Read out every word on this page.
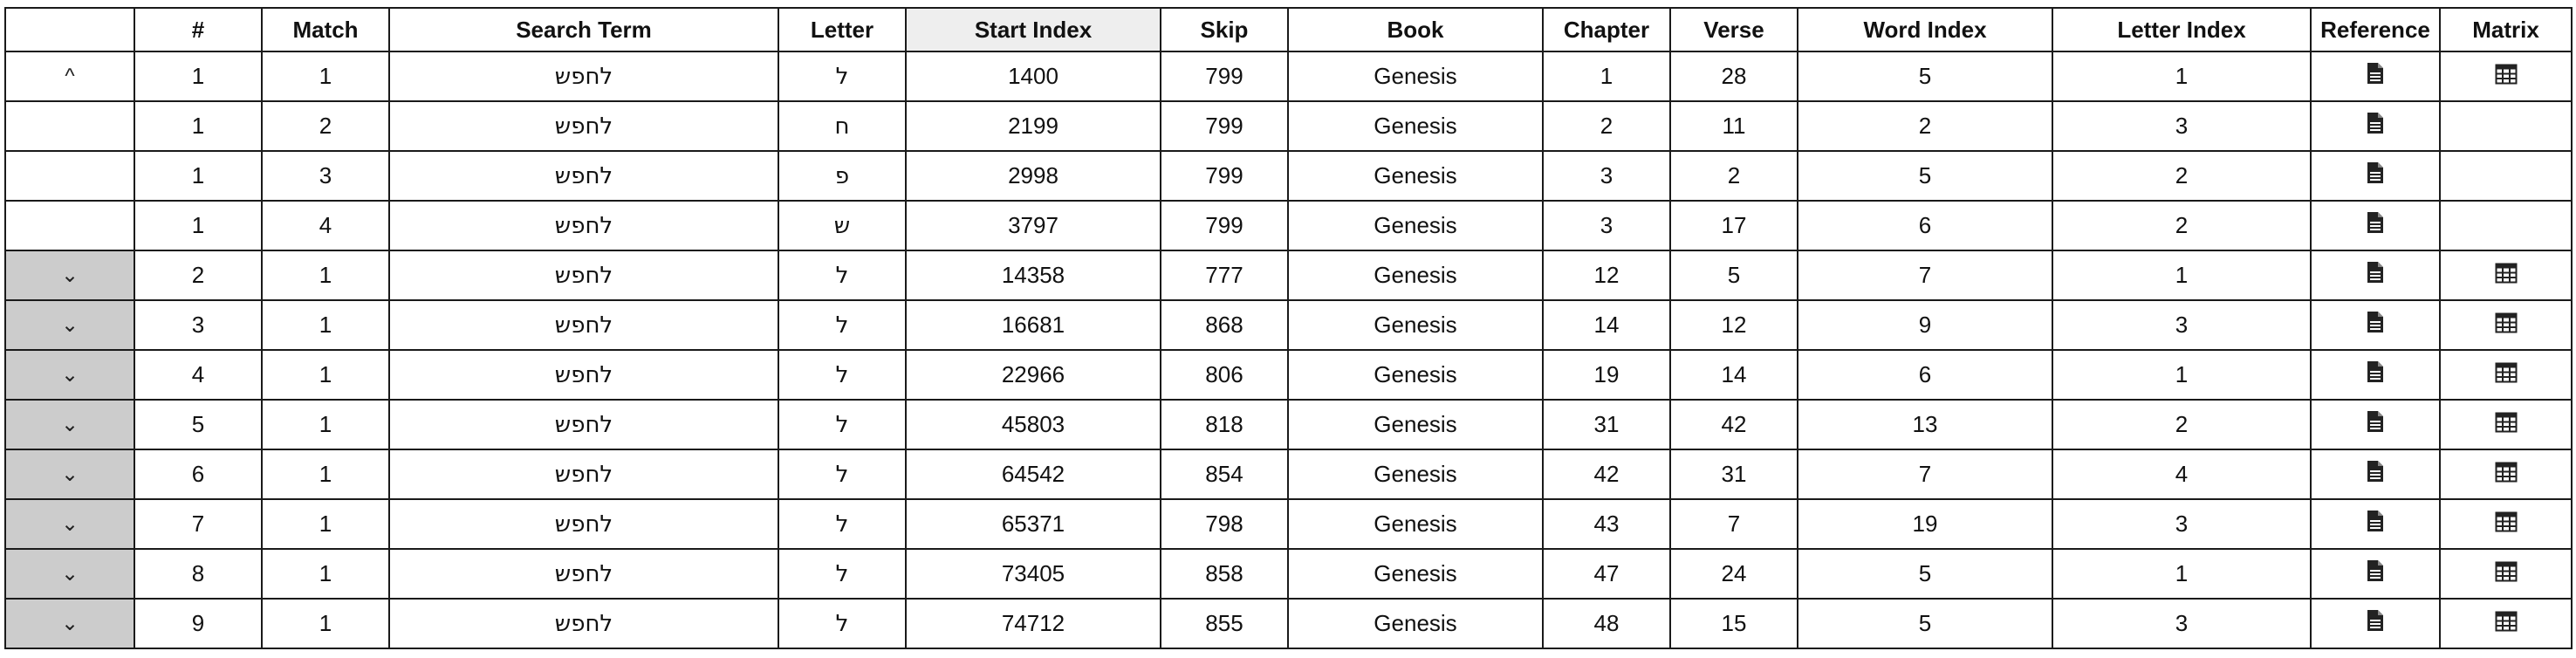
	#	Match	Search Term	Letter	Start Index	Skip	Book	Chapter	Verse	Word Index	Letter Index	Reference	Matrix
^	1	1	לחפש	ל	1400	799	Genesis	1	28	5	1		
	1	2	לחפש	ח	2199	799	Genesis	2	11	2	3		
	1	3	לחפש	פ	2998	799	Genesis	3	2	5	2		
	1	4	לחפש	ש	3797	799	Genesis	3	17	6	2		
⌄	2	1	לחפש	ל	14358	777	Genesis	12	5	7	1		
⌄	3	1	לחפש	ל	16681	868	Genesis	14	12	9	3		
⌄	4	1	לחפש	ל	22966	806	Genesis	19	14	6	1		
⌄	5	1	לחפש	ל	45803	818	Genesis	31	42	13	2		
⌄	6	1	לחפש	ל	64542	854	Genesis	42	31	7	4		
⌄	7	1	לחפש	ל	65371	798	Genesis	43	7	19	3		
⌄	8	1	לחפש	ל	73405	858	Genesis	47	24	5	1		
⌄	9	1	לחפש	ל	74712	855	Genesis	48	15	5	3		
